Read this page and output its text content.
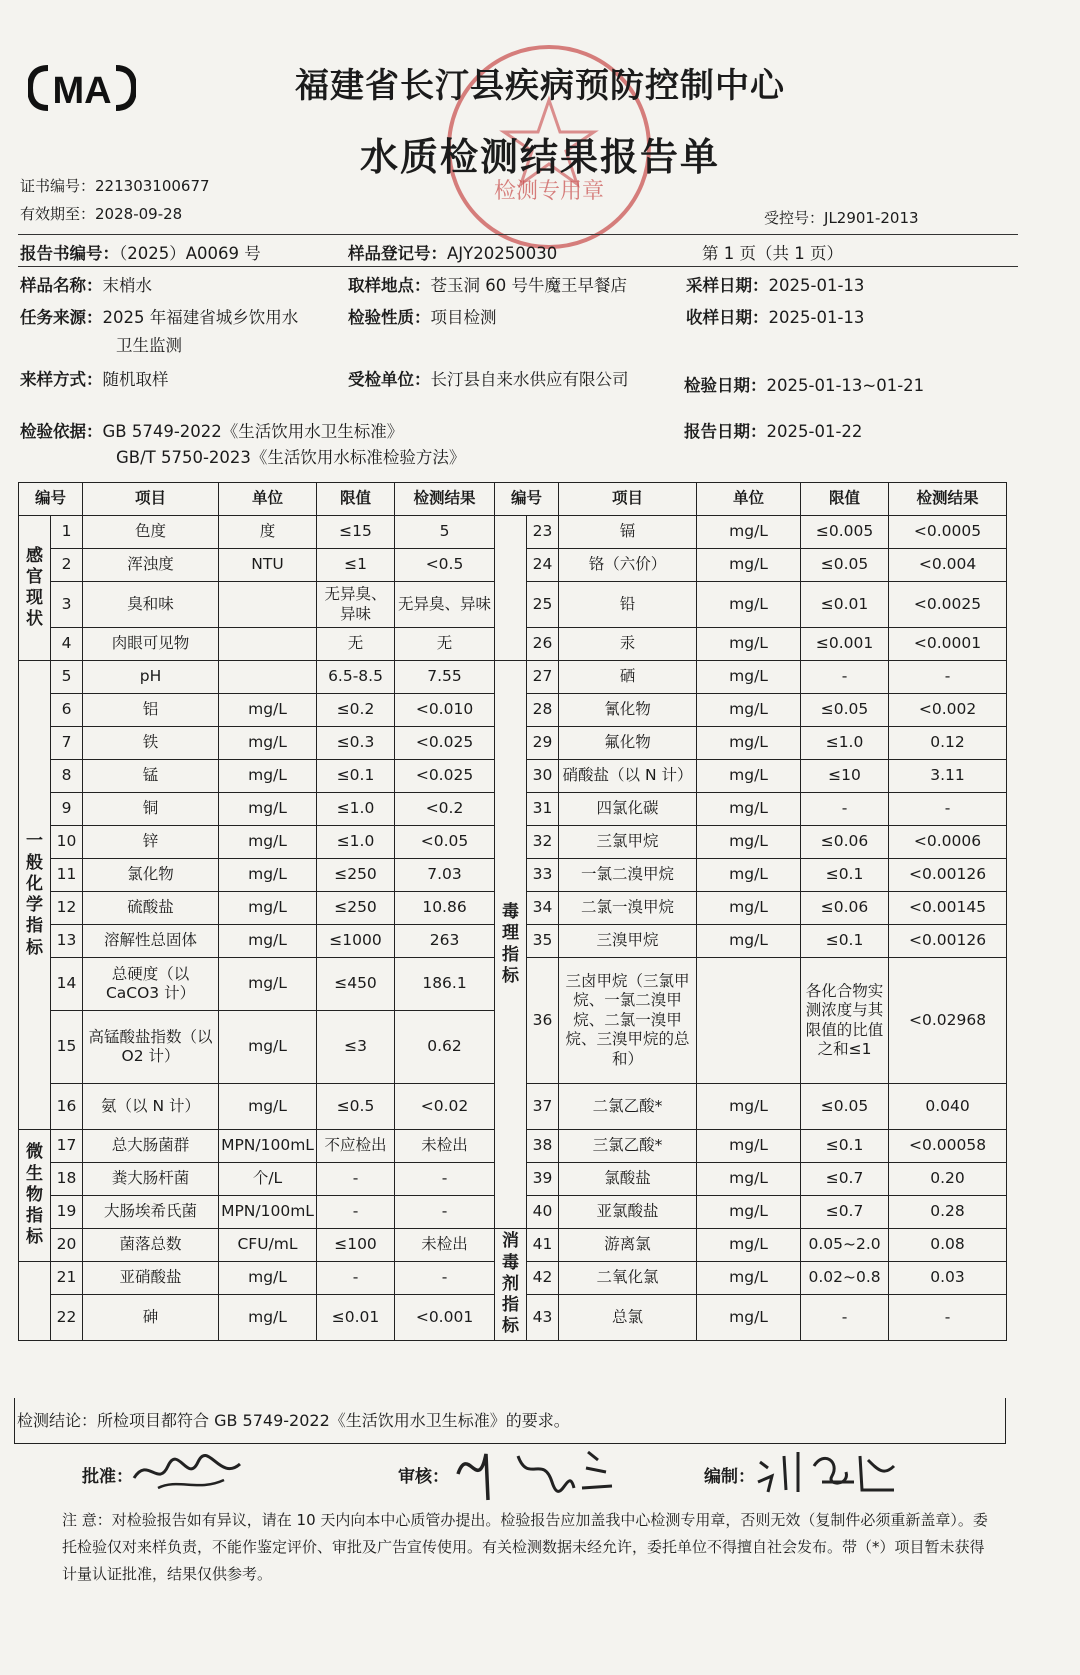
MA
检测专用章
福建省长汀县疾病预防控制中心
水质检测结果报告单
证书编号：221303100677
有效期至：2028-09-28	受控号：JL2901-2013
报告书编号：（2025）A0069 号	样品登记号：AJY20250030	第 1 页（共 1 页）
样品名称：末梢水	取样地点：苍玉洞 60 号牛魔王早餐店	采样日期：2025-01-13
任务来源：2025 年福建省城乡饮用水
卫生监测
检验性质：项目检测	收样日期：2025-01-13
来样方式：随机取样	受检单位：长汀县自来水供应有限公司	检验日期：2025-01-13~01-21
检验依据：GB 5749-2022《生活饮用水卫生标准》
GB/T 5750-2023《生活饮用水标准检验方法》
报告日期：2025-01-22
编号		项目	单位	限值	检测结果	编号		项目	单位	限值	检测结果
感官现状	1	色度	度	≤15	5		23	镉	mg/L	≤0.005	<0.0005
	2	浑浊度	NTU	≤1	<0.5		24	铬（六价）	mg/L	≤0.05	<0.004
	3	臭和味		无异臭、异味	无异臭、异味		25	铅	mg/L	≤0.01	<0.0025
	4	肉眼可见物		无	无		26	汞	mg/L	≤0.001	<0.0001
一般化学指标	5	pH		6.5-8.5	7.55	毒理指标	27	硒	mg/L	-	-
	6	铝	mg/L	≤0.2	<0.010		28	氰化物	mg/L	≤0.05	<0.002
	7	铁	mg/L	≤0.3	<0.025		29	氟化物	mg/L	≤1.0	0.12
	8	锰	mg/L	≤0.1	<0.025		30	硝酸盐（以 N 计）	mg/L	≤10	3.11
	9	铜	mg/L	≤1.0	<0.2		31	四氯化碳	mg/L	-	-
	10	锌	mg/L	≤1.0	<0.05		32	三氯甲烷	mg/L	≤0.06	<0.0006
	11	氯化物	mg/L	≤250	7.03		33	一氯二溴甲烷	mg/L	≤0.1	<0.00126
	12	硫酸盐	mg/L	≤250	10.86		34	二氯一溴甲烷	mg/L	≤0.06	<0.00145
	13	溶解性总固体	mg/L	≤1000	263		35	三溴甲烷	mg/L	≤0.1	<0.00126
	14	总硬度（以 CaCO3 计）	mg/L	≤450	186.1		36	三卤甲烷（三氯甲烷、一氯二溴甲烷、二氯一溴甲烷、三溴甲烷的总和）		各化合物实测浓度与其限值的比值之和≤1	<0.02968
	15	高锰酸盐指数（以 O2 计）	mg/L	≤3	0.62						
	16	氨（以 N 计）	mg/L	≤0.5	<0.02		37	二氯乙酸*	mg/L	≤0.05	0.040
微生物指标	17	总大肠菌群	MPN/100mL	不应检出	未检出		38	三氯乙酸*	mg/L	≤0.1	<0.00058
	18	粪大肠杆菌	个/L	-	-		39	氯酸盐	mg/L	≤0.7	0.20
	19	大肠埃希氏菌	MPN/100mL	-	-		40	亚氯酸盐	mg/L	≤0.7	0.28
	20	菌落总数	CFU/mL	≤100	未检出	消毒剂指标	41	游离氯	mg/L	0.05~2.0	0.08
	21	亚硝酸盐	mg/L	-	-		42	二氧化氯	mg/L	0.02~0.8	0.03
	22	砷	mg/L	≤0.01	<0.001		43	总氯	mg/L	-	-
检测结论：所检项目都符合 GB 5749-2022《生活饮用水卫生标准》的要求。
批准：	审核：	编制：
注 意：对检验报告如有异议，请在 10 天内向本中心质管办提出。检验报告应加盖我中心检测专用章，否则无效（复制件必须重新盖章）。委托检验仅对来样负责，不能作鉴定评价、审批及广告宣传使用。有关检测数据未经允许，委托单位不得擅自社会发布。带（*）项目暂未获得计量认证批准，结果仅供参考。
